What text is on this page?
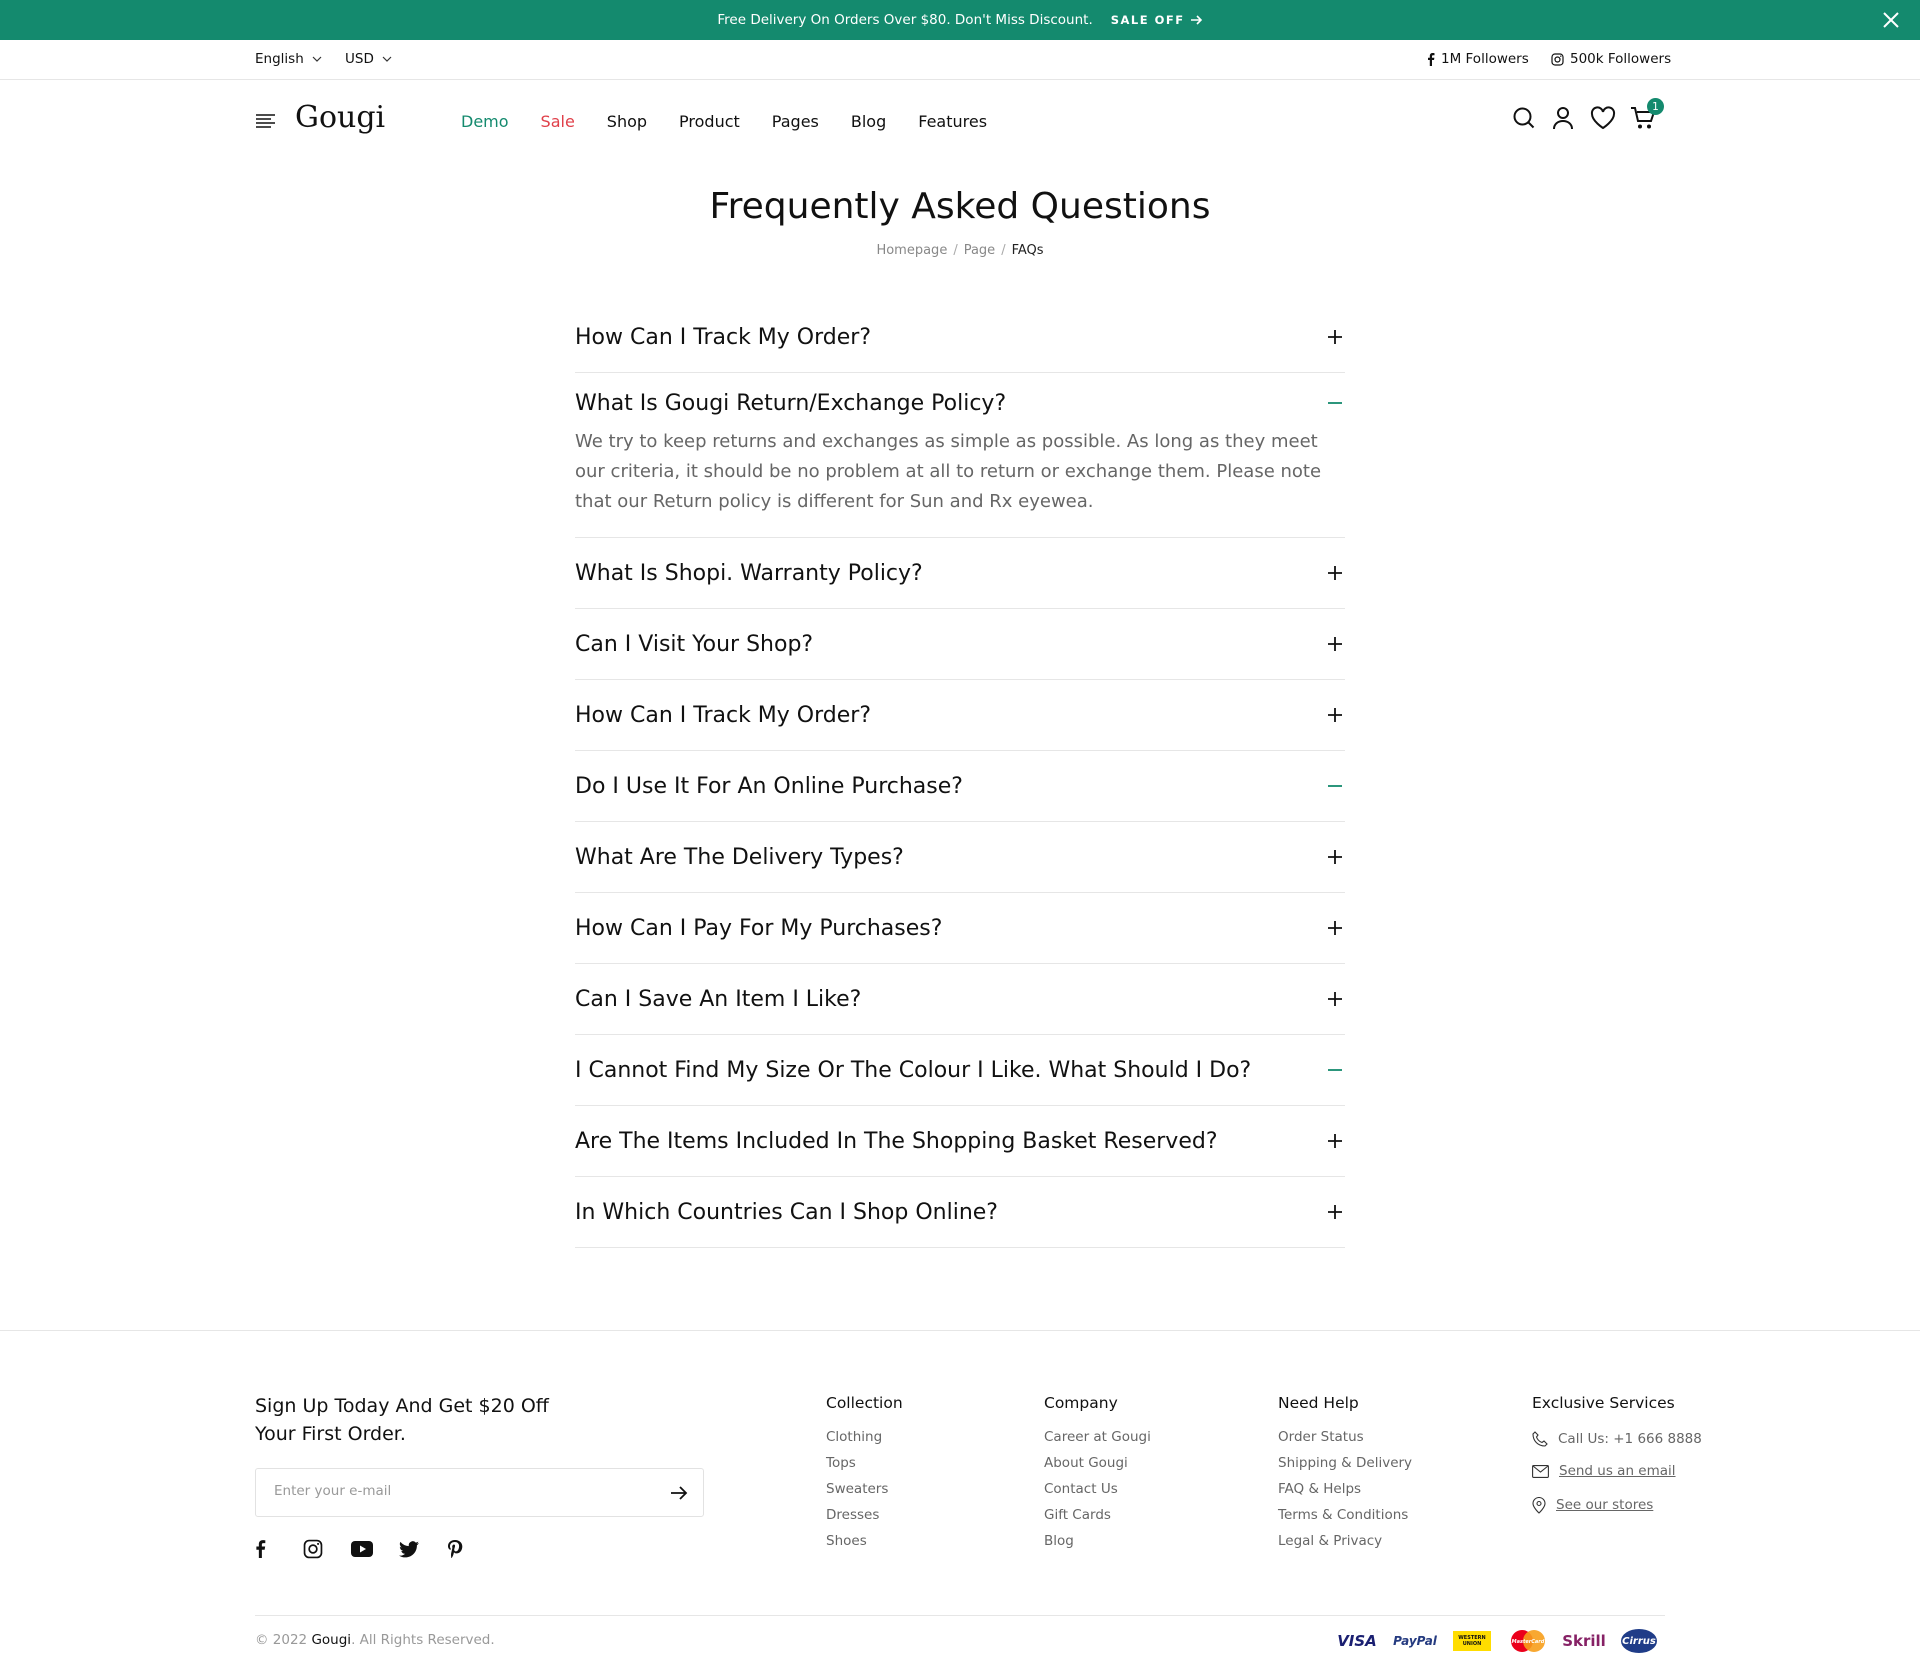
Free Delivery On Orders Over $80. Don't Miss Discount. SALE OFF
English	USD	1M Followers	500k Followers
Gougi	Demo Sale Shop Product Pages Blog Features
1
Frequently Asked Questions
Homepage / Page / FAQs
How Can I Track My Order?
What Is Gougi Return/Exchange Policy?
We try to keep returns and exchanges as simple as possible. As long as they meet our criteria, it should be no problem at all to return or exchange them. Please note that our Return policy is different for Sun and Rx eyewea.
What Is Shopi. Warranty Policy?
Can I Visit Your Shop?
How Can I Track My Order?
Do I Use It For An Online Purchase?
What Are The Delivery Types?
How Can I Pay For My Purchases?
Can I Save An Item I Like?
I Cannot Find My Size Or The Colour I Like. What Should I Do?
Are The Items Included In The Shopping Basket Reserved?
In Which Countries Can I Shop Online?
Sign Up Today And Get $20 Off Your First Order.
Enter your e-mail
Collection
Clothing
Tops
Sweaters
Dresses
Shoes
Company
Career at Gougi
About Gougi
Contact Us
Gift Cards
Blog
Need Help
Order Status
Shipping & Delivery
FAQ & Helps
Terms & Conditions
Legal & Privacy
Exclusive Services
Call Us: +1 666 8888
Send us an email
See our stores
© 2022 Gougi. All Rights Reserved.	VISA PayPal	WESTERN UNION	MasterCard Skrill Cirrus
